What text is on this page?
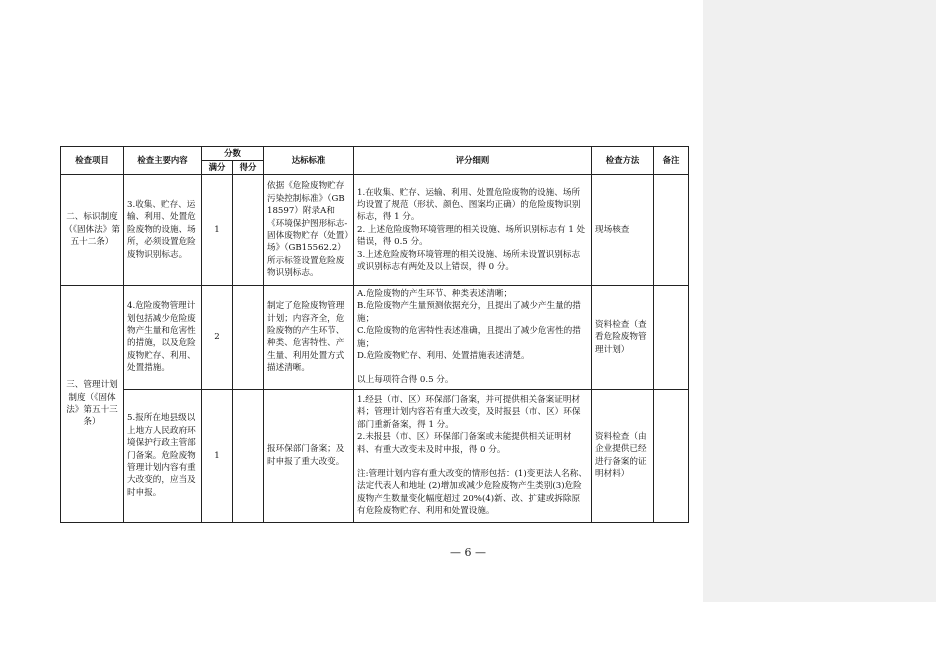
检查项目	检查主要内容	分数		达标标准	评分细则	检查方法	备注
		满分	得分				
二、标识制度（《固体法》第五十二条）	3.收集、贮存、运输、利用、处置危险废物的设施、场所，必须设置危险废物识别标志。	1		依据《危险废物贮存污染控制标准》（GB18597）附录A和《环境保护图形标志-固体废物贮存（处置）场》（GB15562.2）所示标签设置危险废物识别标志。	1.在收集、贮存、运输、利用、处置危险废物的设施、场所均设置了规范（形状、颜色、图案均正确）的危险废物识别标志，得 1 分。

2. 上述危险废物环境管理的相关设施、场所识别标志有 1 处错误，得 0.5 分。

3.上述危险废物环境管理的相关设施、场所未设置识别标志或识别标志有两处及以上错误，得 0 分。	现场核查	
三、管理计划制度（《固体法》第五十三条）	4.危险废物管理计划包括减少危险废物产生量和危害性的措施，以及危险废物贮存、利用、处置措施。	2		制定了危险废物管理计划；内容齐全，危险废物的产生环节、种类、危害特性、产生量、利用处置方式描述清晰。	A.危险废物的产生环节、种类表述清晰；

B.危险废物产生量预测依据充分，且提出了减少产生量的措施；

C.危险废物的危害特性表述准确，且提出了减少危害性的措施；

D.危险废物贮存、利用、处置措施表述清楚。

以上每项符合得 0.5 分。	资料检查（查看危险废物管理计划）	
	5.报所在地县级以上地方人民政府环境保护行政主管部门备案。危险废物管理计划内容有重大改变的，应当及时申报。	1		报环保部门备案；及时申报了重大改变。	1.经县（市、区）环保部门备案，并可提供相关备案证明材料；管理计划内容若有重大改变，及时报县（市、区）环保部门重新备案，得 1 分。

2.未报县（市、区）环保部门备案或未能提供相关证明材料、有重大改变未及时申报，得 0 分。

注:管理计划内容有重大改变的情形包括：(1)变更法人名称、法定代表人和地址 (2)增加或减少危险废物产生类别(3)危险废物产生数量变化幅度超过 20%(4)新、改、扩建或拆除原有危险废物贮存、利用和处置设施。	资料检查（由企业提供已经进行备案的证明材料）	
— 6 —
